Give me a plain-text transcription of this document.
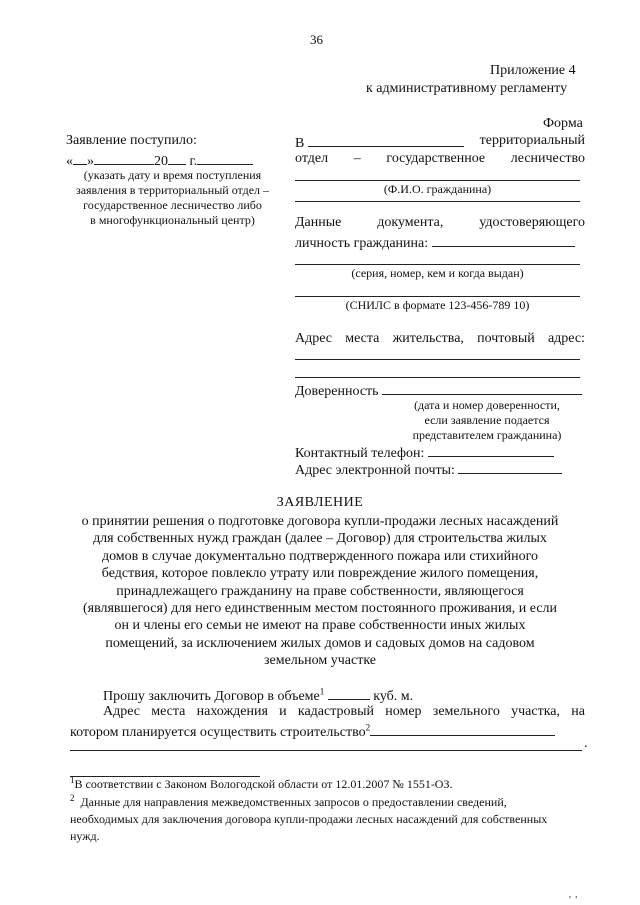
36
Приложение 4
к административному регламенту
Форма
Заявление поступило:
« »	20 г.
(указать дату и время поступления
заявления в территориальный отдел –
государственное лесничество либо
в многофункциональный центр)
В	территориальный
отдел – государственное лесничество
(Ф.И.О. гражданина)
Данные	документа,	удостоверяющего
личность гражданина:
(серия, номер, кем и когда выдан)
(СНИЛС в формате 123-456-789 10)
Адрес места жительства, почтовый адрес:
Доверенность
(дата и номер доверенности,
если заявление подается
представителем гражданина)
Контактный телефон:
Адрес электронной почты:
ЗАЯВЛЕНИЕ
о принятии решения о подготовке договора купли-продажи лесных насаждений
для собственных нужд граждан (далее – Договор) для строительства жилых
домов в случае документально подтвержденного пожара или стихийного
бедствия, которое повлекло утрату или повреждение жилого помещения,
принадлежащего гражданину на праве собственности, являющегося
(являвшегося) для него единственным местом постоянного проживания, и если
он и члены его семьи не имеют на праве собственности иных жилых
помещений, за исключением жилых домов и садовых домов на садовом
земельном участке
Прошу заключить Договор в объеме$^1$	куб. м.
Адрес места нахождения и кадастровый номер земельного участка, на
котором планируется осуществить строительство$^2$
.
$^1$В соответствии с Законом Вологодской области от 12.01.2007 № 1551-ОЗ.
$^2$ Данные для направления межведомственных запросов о предоставлении сведений,
необходимых для заключения договора купли-продажи лесных насаждений для собственных
нужд.
‚ ‚
